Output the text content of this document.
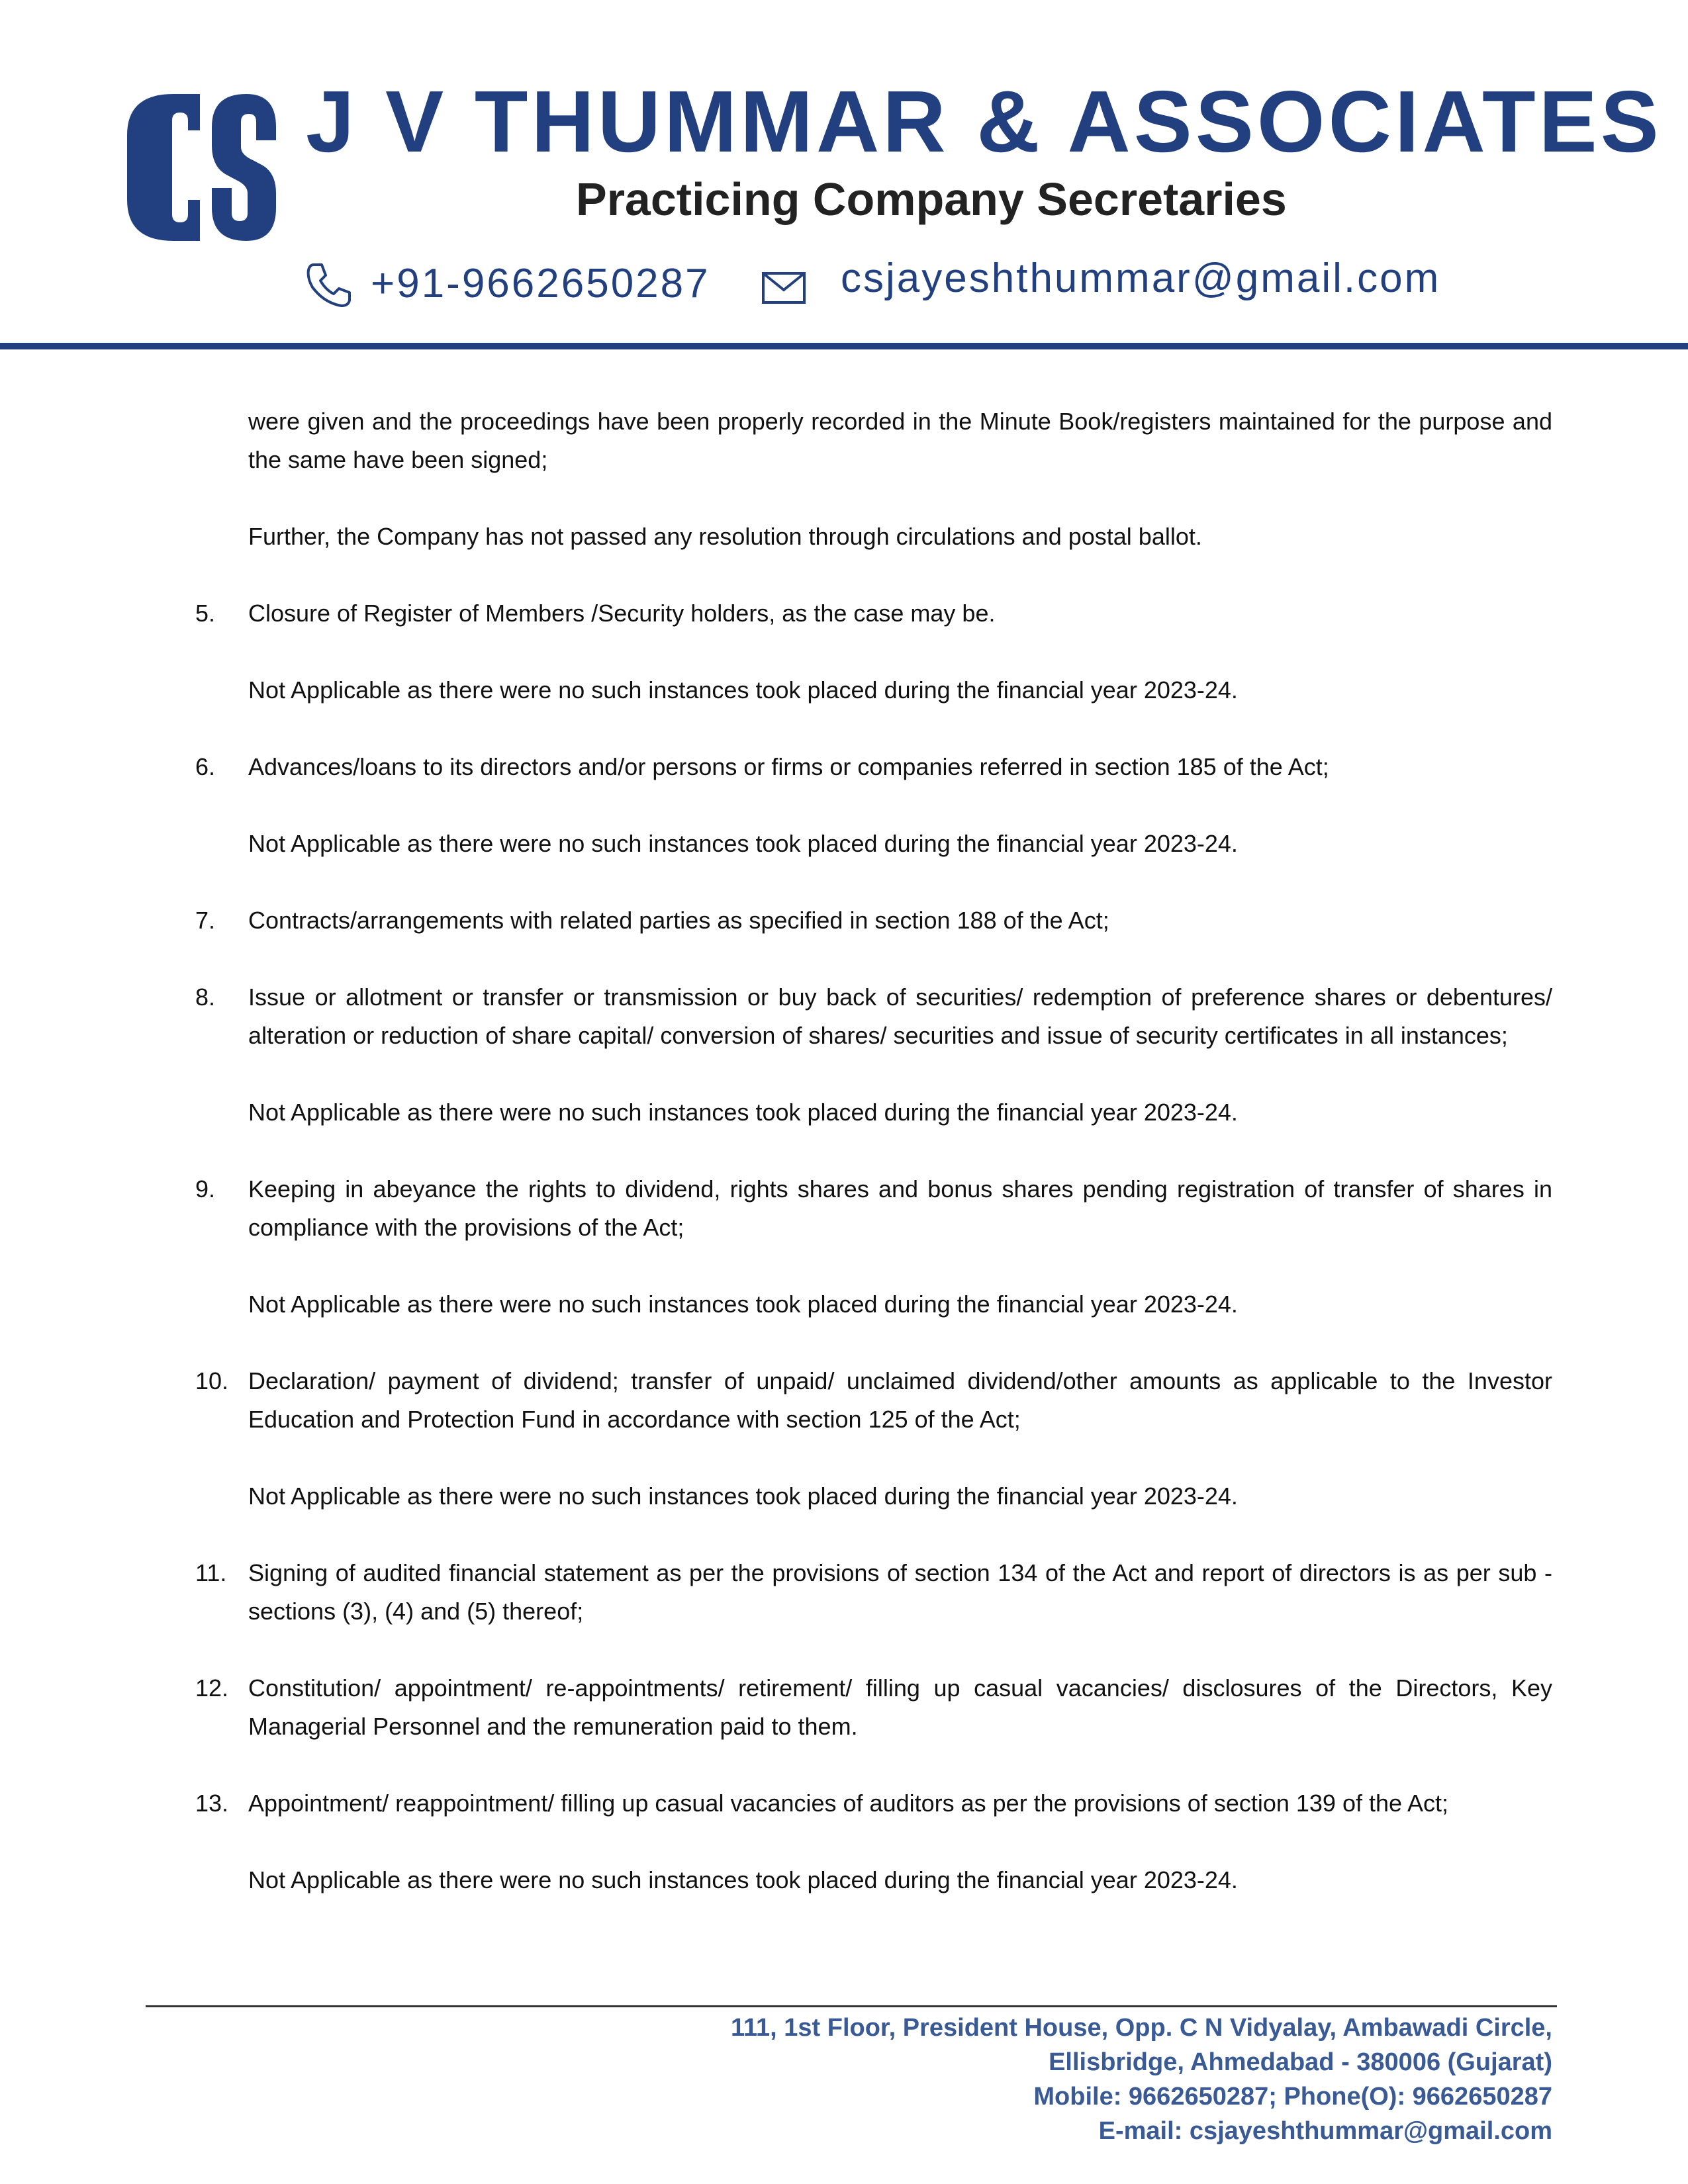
J V THUMMAR & ASSOCIATES
Practicing Company Secretaries
+91-9662650287	csjayeshthummar@gmail.com

were given and the proceedings have been properly recorded in the Minute Book/registers maintained for the purpose and the same have been signed;

Further, the Company has not passed any resolution through circulations and postal ballot.

5.	Closure of Register of Members /Security holders, as the case may be.
Not Applicable as there were no such instances took placed during the financial year 2023-24.
6.	Advances/loans to its directors and/or persons or firms or companies referred in section 185 of the Act;
Not Applicable as there were no such instances took placed during the financial year 2023-24.
7.	Contracts/arrangements with related parties as specified in section 188 of the Act;
8.	Issue or allotment or transfer or transmission or buy back of securities/ redemption of preference shares or debentures/ alteration or reduction of share capital/ conversion of shares/ securities and issue of security certificates in all instances;
Not Applicable as there were no such instances took placed during the financial year 2023-24.
9.	Keeping in abeyance the rights to dividend, rights shares and bonus shares pending registration of transfer of shares in compliance with the provisions of the Act;
Not Applicable as there were no such instances took placed during the financial year 2023-24.
10. Declaration/ payment of dividend; transfer of unpaid/ unclaimed dividend/other amounts as applicable to the Investor Education and Protection Fund in accordance with section 125 of the Act;
Not Applicable as there were no such instances took placed during the financial year 2023-24.
11. Signing of audited financial statement as per the provisions of section 134 of the Act and report of directors is as per sub - sections (3), (4) and (5) thereof;
12. Constitution/ appointment/ re-appointments/ retirement/ filling up casual vacancies/ disclosures of the Directors, Key Managerial Personnel and the remuneration paid to them.
13. Appointment/ reappointment/ filling up casual vacancies of auditors as per the provisions of section 139 of the Act;
Not Applicable as there were no such instances took placed during the financial year 2023-24.
111, 1st Floor, President House, Opp. C N Vidyalay, Ambawadi Circle,
Ellisbridge, Ahmedabad - 380006 (Gujarat)
Mobile: 9662650287; Phone(O): 9662650287
E-mail: csjayeshthummar@gmail.com
